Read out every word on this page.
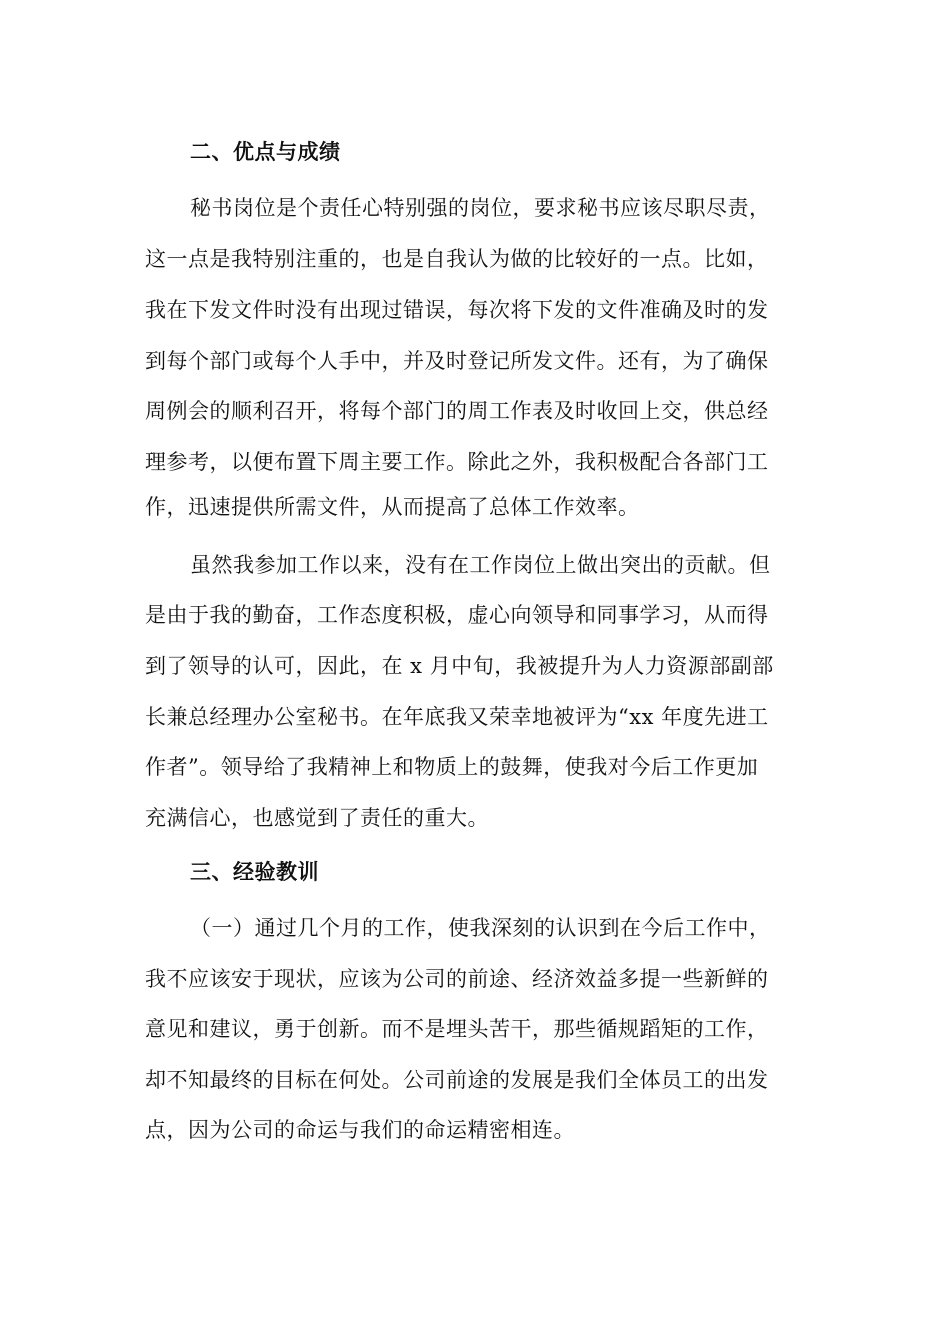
二、优点与成绩
秘书岗位是个责任心特别强的岗位，要求秘书应该尽职尽责，
这一点是我特别注重的，也是自我认为做的比较好的一点。比如，
我在下发文件时没有出现过错误，每次将下发的文件准确及时的发
到每个部门或每个人手中，并及时登记所发文件。还有，为了确保
周例会的顺利召开，将每个部门的周工作表及时收回上交，供总经
理参考，以便布置下周主要工作。除此之外，我积极配合各部门工
作，迅速提供所需文件，从而提高了总体工作效率。
虽然我参加工作以来，没有在工作岗位上做出突出的贡献。但
是由于我的勤奋，工作态度积极，虚心向领导和同事学习，从而得
到了领导的认可，因此，在 x 月中旬，我被提升为人力资源部副部
长兼总经理办公室秘书。在年底我又荣幸地被评为“xx 年度先进工
作者”。领导给了我精神上和物质上的鼓舞，使我对今后工作更加
充满信心，也感觉到了责任的重大。
三、经验教训
（一）通过几个月的工作，使我深刻的认识到在今后工作中，
我不应该安于现状，应该为公司的前途、经济效益多提一些新鲜的
意见和建议，勇于创新。而不是埋头苦干，那些循规蹈矩的工作，
却不知最终的目标在何处。公司前途的发展是我们全体员工的出发
点，因为公司的命运与我们的命运精密相连。
